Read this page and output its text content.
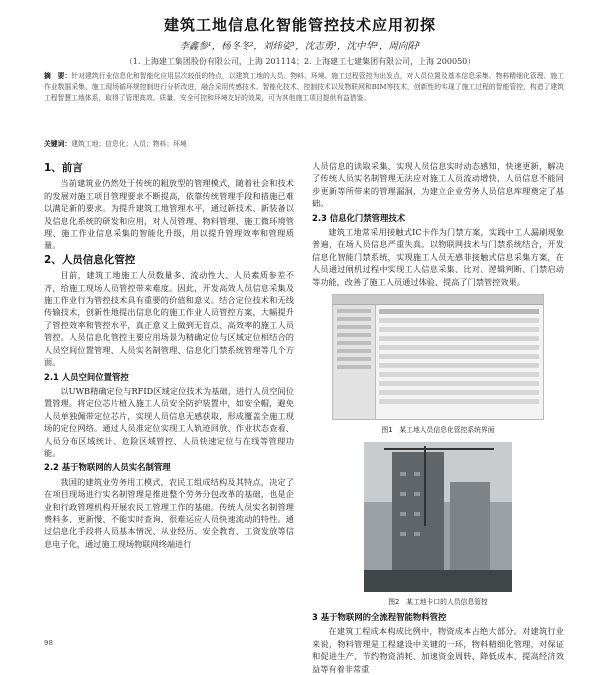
建筑工地信息化智能管控技术应用初探
李鑫参¹，杨冬冬²，刘炜姿¹，沈志勇¹，沈中华¹，周向阳¹
（1. 上海建工集团股份有限公司，上海 201114；2. 上海建工七建集团有限公司，上海 200050）
摘　要：针对建筑行业信息化和智能化应用层次较低的特点，以建筑工地的人员、物料、环境、施工过程管控为出发点，对人员位置及基本信息采集、物料精细化管理、施工作业数据采集、施工现场循环规控制进行分析改进，融合采用传感技术、智能化技术、控制技术以及物联网和BIM等技术，创新性的实现了施工过程的智能管控，构造了建筑工程智慧工地体系，取得了管理高效、质量、安全可控和环境友好的效果，可为其他施工项目提供有益借鉴。
关键词：建筑工地；信息化；人员；物料；环境
1、前言

当前建筑业仍然处于传统的粗放型的管理模式，随着社会和技术的发展对施工项目管理要求不断提高，依靠传统管理手段和措施已难以满足新的要求。为提升建筑工地管理水平，通过新技术、新装备以及信息化系统的研发和应用，对人员管理、物料管理、施工微环境管理、施工作业信息采集的智能化升级，用以提升管理效率和管理质量。

2、人员信息化管控

目前，建筑工地施工人员数量多、流动性大、人员素质参差不齐，给施工现场人员管控带来难度。因此，开发高效人员信息采集及施工作业行为管控技术具有重要的价值和意义。结合定位技术和无线传输技术，创新性地提出信息化的施工作业人员管控方案，大幅提升了管控效率和管控水平，真正意义上做到无盲点、高效率的施工人员管控。人员信息化管控主要应用场景为精确定位与区域定位相结合的人员空间位置管理、人员实名制管理、信息化门禁系统管理等几个方面。

2.1 人员空间位置管控

以UWB精确定位与RFID区域定位技术为基础，进行人员空间位置管理。将定位芯片植入施工人员安全防护装置中，如安全帽，避免人员单独佩带定位芯片，实现人员信息无感获取，形成覆盖全施工现场的定位网络。通过人员准定位实现工人轨迹回放、作业状态查看、人员分布区域统计、危险区域管控、人员快速定位与在线等管理功能。

2.2 基于物联网的人员实名制管理

我国的建筑业劳务用工模式，农民工组成结构及其特点，决定了在项目现场进行实名制管理是推进整个劳务分包改革的基础，也是企业和行政管理机构开展农民工管理工作的基础。传统人员实名制管理费料多、更新慢、不能实时查询，很难运应人员快速流动的特性。通过信息化手段将人员基本情况、从业经历、安全教育、工资发放等信息电子化，通过施工现场物联网终端进行

人员信息的读取采集，实现人员信息实时动态感知，快速更新，解决了传统人员实名制管理无法应对施工人员流动增快，人员信息不能同步更新等所带来的管理漏洞，为建立企业劳务人员信息库理奠定了基础。

2.3 信息化门禁管理技术

建筑工地常采用接触式IC卡作为门禁方案，实践中工人漏刷现象普遍，在场人员信息严重失真。以物联网技术与门禁系统结合，开发信息化智能门禁系统，实现施工人员无感非接触式信息采集方案，在人员通过闸机过程中实现工人信息采集、比对、逻辑判断、门禁启动等功能，改善了施工人员通过体验、提高了门禁管控效果。

图1　某工地人员信息化管控系统界面
图2　某工地卡口的人员信息管控
3 基于物联网的全流程智能物料管控

在建筑工程成本构成比例中，物资成本占绝大部分。对建筑行业来说，物料管理是工程建设中关键的一环，物料精细化管理，对保证和促进生产、节约物资消耗、加速资金周转、降低成本、提高经济效益等有着非常重

98
